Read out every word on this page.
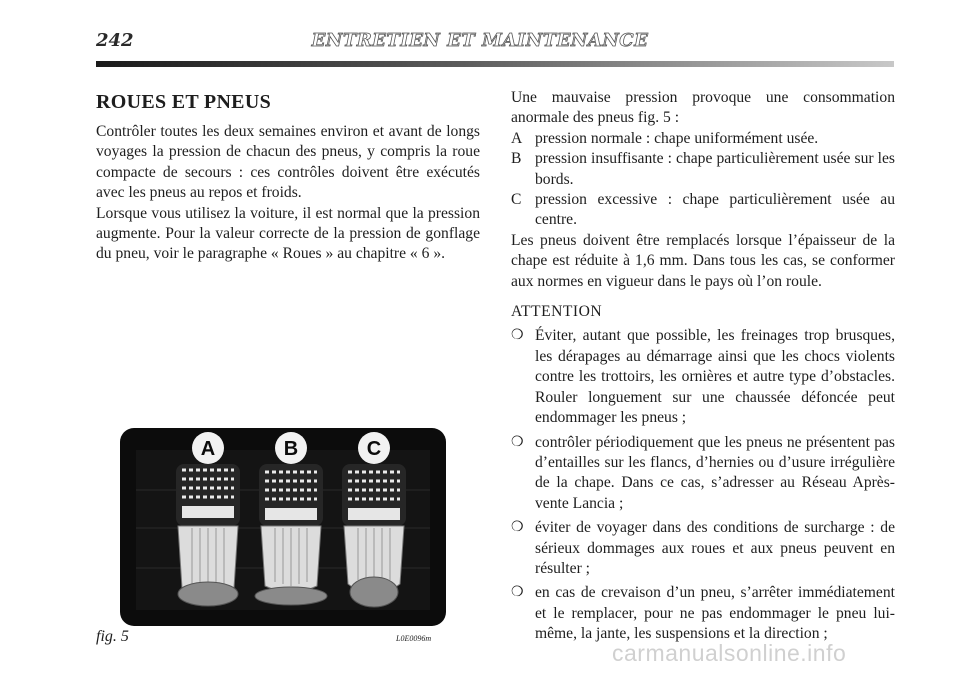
242	ENTRETIEN ET MAINTENANCE
ROUES ET PNEUS

Contrôler toutes les deux semaines environ et avant de longs voyages la pression de chacun des pneus, y compris la roue compacte de secours : ces contrôles doivent être exécutés avec les pneus au repos et froids.

Lorsque vous utilisez la voiture, il est normal que la pression augmente. Pour la valeur correcte de la pression de gonflage du pneu, voir le paragraphe « Roues » au chapitre « 6 ».

A	B	C
fig. 5	L0E0096m

Une mauvaise pression provoque une consommation anormale des pneus fig. 5 :

A pression normale : chape uniformément usée.
B pression insuffisante : chape particulièrement usée sur les bords.
C pression excessive : chape particulièrement usée au centre.

Les pneus doivent être remplacés lorsque l’épaisseur de la chape est réduite à 1,6 mm. Dans tous les cas, se conformer aux normes en vigueur dans le pays où l’on roule.

ATTENTION

❍ Éviter, autant que possible, les freinages trop brusques, les dérapages au démarrage ainsi que les chocs violents contre les trottoirs, les ornières et autre type d’obstacles. Rouler longuement sur une chaussée défoncée peut endommager les pneus ;
❍ contrôler périodiquement que les pneus ne présentent pas d’entailles sur les flancs, d’hernies ou d’usure irrégulière de la chape. Dans ce cas, s’adresser au Réseau Après-vente Lancia ;
❍ éviter de voyager dans des conditions de surcharge : de sérieux dommages aux roues et aux pneus peuvent en résulter ;
❍ en cas de crevaison d’un pneu, s’arrêter immédiatement et le remplacer, pour ne pas endommager le pneu lui-même, la jante, les suspensions et la direction ;
carmanualsonline.info
